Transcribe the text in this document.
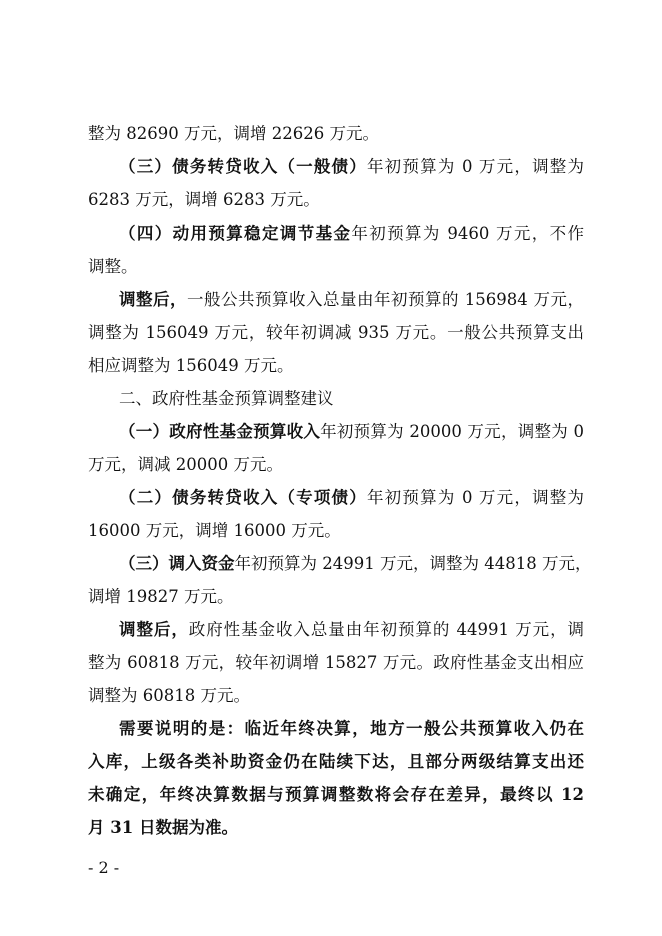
整为 82690 万元，调增 22626 万元。
（三）债务转贷收入（一般债）年初预算为 0 万元，调整为
6283 万元，调增 6283 万元。
（四）动用预算稳定调节基金年初预算为 9460 万元，不作
调整。
调整后，一般公共预算收入总量由年初预算的 156984 万元，
调整为 156049 万元，较年初调减 935 万元。一般公共预算支出
相应调整为 156049 万元。
二、政府性基金预算调整建议
（一）政府性基金预算收入年初预算为 20000 万元，调整为 0
万元，调减 20000 万元。
（二）债务转贷收入（专项债）年初预算为 0 万元，调整为
16000 万元，调增 16000 万元。
（三）调入资金年初预算为 24991 万元，调整为 44818 万元，
调增 19827 万元。
调整后，政府性基金收入总量由年初预算的 44991 万元，调
整为 60818 万元，较年初调增 15827 万元。政府性基金支出相应
调整为 60818 万元。
需要说明的是：临近年终决算，地方一般公共预算收入仍在
入库，上级各类补助资金仍在陆续下达，且部分两级结算支出还
未确定，年终决算数据与预算调整数将会存在差异，最终以 12
月 31 日数据为准。
- 2 -
